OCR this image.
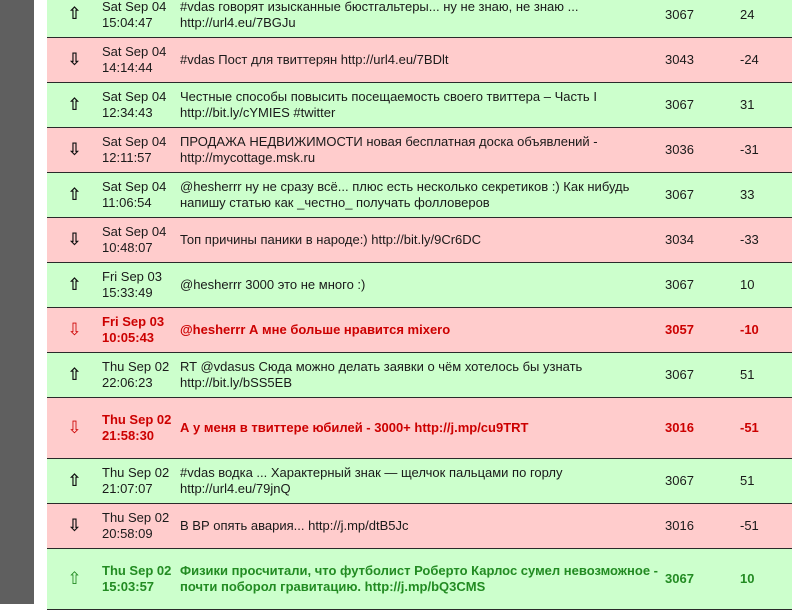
⇧	Sat Sep 04
15:04:47	#vdas говорят изысканные бюстгальтеры... ну не знаю, не знаю ... http://url4.eu/7BGJu	3067	24
⇩	Sat Sep 04
14:14:44	#vdas Пост для твиттерян http://url4.eu/7BDlt	3043	-24
⇧	Sat Sep 04
12:34:43	Честные способы повысить посещаемость своего твиттера – Часть I http://bit.ly/cYMIES #twitter	3067	31
⇩	Sat Sep 04
12:11:57	ПРОДАЖА НЕДВИЖИМОСТИ новая бесплатная доска объявлений - http://mycottage.msk.ru	3036	-31
⇧	Sat Sep 04
11:06:54	@hesherrr ну не сразу всё... плюс есть несколько секретиков :) Как нибудь напишу статью как _честно_ получать фолловеров	3067	33
⇩	Sat Sep 04
10:48:07	Топ причины паники в народе:) http://bit.ly/9Cr6DC	3034	-33
⇧	Fri Sep 03
15:33:49	@hesherrr 3000 это не много :)	3067	10
⇩	Fri Sep 03
10:05:43	@hesherrr А мне больше нравится mixero	3057	-10
⇧	Thu Sep 02
22:06:23	RT @vdasus Сюда можно делать заявки о чём хотелось бы узнать http://bit.ly/bSS5EB	3067	51
⇩	Thu Sep 02
21:58:30	А у меня в твиттере юбилей - 3000+ http://j.mp/cu9TRT	3016	-51
⇧	Thu Sep 02
21:07:07	#vdas водка ... Характерный знак — щелчок пальцами по горлу http://url4.eu/79jnQ	3067	51
⇩	Thu Sep 02
20:58:09	В ВР опять авария... http://j.mp/dtB5Jc	3016	-51
⇧	Thu Sep 02
15:03:57	Физики просчитали, что футболист Роберто Карлос сумел невозможное - почти поборол гравитацию. http://j.mp/bQ3CMS	3067	10
